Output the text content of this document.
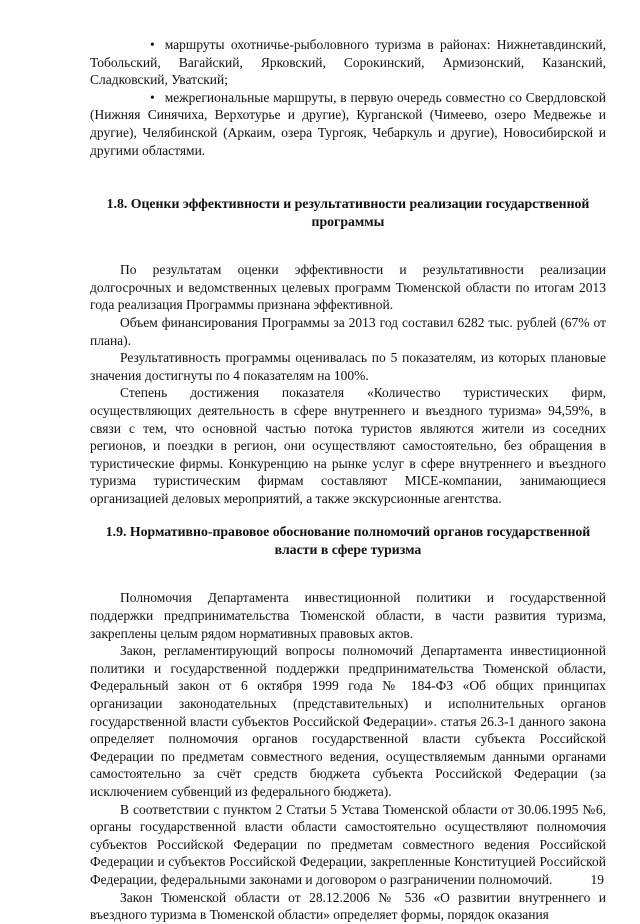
• маршруты охотничье-рыболовного туризма в районах: Нижнетавдинский, Тобольский, Вагайский, Ярковский, Сорокинский, Армизонский, Казанский, Сладковский, Уватский;

• межрегиональные маршруты, в первую очередь совместно со Свердловской (Нижняя Синячиха, Верхотурье и другие), Курганской (Чимеево, озеро Медвежье и другие), Челябинской (Аркаим, озера Тургояк, Чебаркуль и другие), Новосибирской и другими областями.

1.8. Оценки эффективности и результативности реализации государственной программы

По результатам оценки эффективности и результативности реализации долгосрочных и ведомственных целевых программ Тюменской области по итогам 2013 года реализация Программы признана эффективной.

Объем финансирования Программы за 2013 год составил 6282 тыс. рублей (67% от плана).

Результативность программы оценивалась по 5 показателям, из которых плановые значения достигнуты по 4 показателям на 100%.

Степень достижения показателя «Количество туристических фирм, осуществляющих деятельность в сфере внутреннего и въездного туризма» 94,59%, в связи с тем, что основной частью потока туристов являются жители из соседних регионов, и поездки в регион, они осуществляют самостоятельно, без обращения в туристические фирмы. Конкуренцию на рынке услуг в сфере внутреннего и въездного туризма туристическим фирмам составляют MICE-компании, занимающиеся организацией деловых мероприятий, а также экскурсионные агентства.

1.9. Нормативно-правовое обоснование полномочий органов государственной власти в сфере туризма

Полномочия Департамента инвестиционной политики и государственной поддержки предпринимательства Тюменской области, в части развития туризма, закреплены целым рядом нормативных правовых актов.

Закон, регламентирующий вопросы полномочий Департамента инвестиционной политики и государственной поддержки предпринимательства Тюменской области, Федеральный закон от 6 октября 1999 года № 184-ФЗ «Об общих принципах организации законодательных (представительных) и исполнительных органов государственной власти субъектов Российской Федерации». статья 26.3-1 данного закона определяет полномочия органов государственной власти субъекта Российской Федерации по предметам совместного ведения, осуществляемым данными органами самостоятельно за счёт средств бюджета субъекта Российской Федерации (за исключением субвенций из федерального бюджета).

В соответствии с пунктом 2 Статьи 5 Устава Тюменской области от 30.06.1995 №6, органы государственной власти области самостоятельно осуществляют полномочия субъектов Российской Федерации по предметам совместного ведения Российской Федерации и субъектов Российской Федерации, закрепленные Конституцией Российской Федерации, федеральными законами и договором о разграничении полномочий.

Закон Тюменской области от 28.12.2006 № 536 «О развитии внутреннего и въездного туризма в Тюменской области» определяет формы, порядок оказания

19
